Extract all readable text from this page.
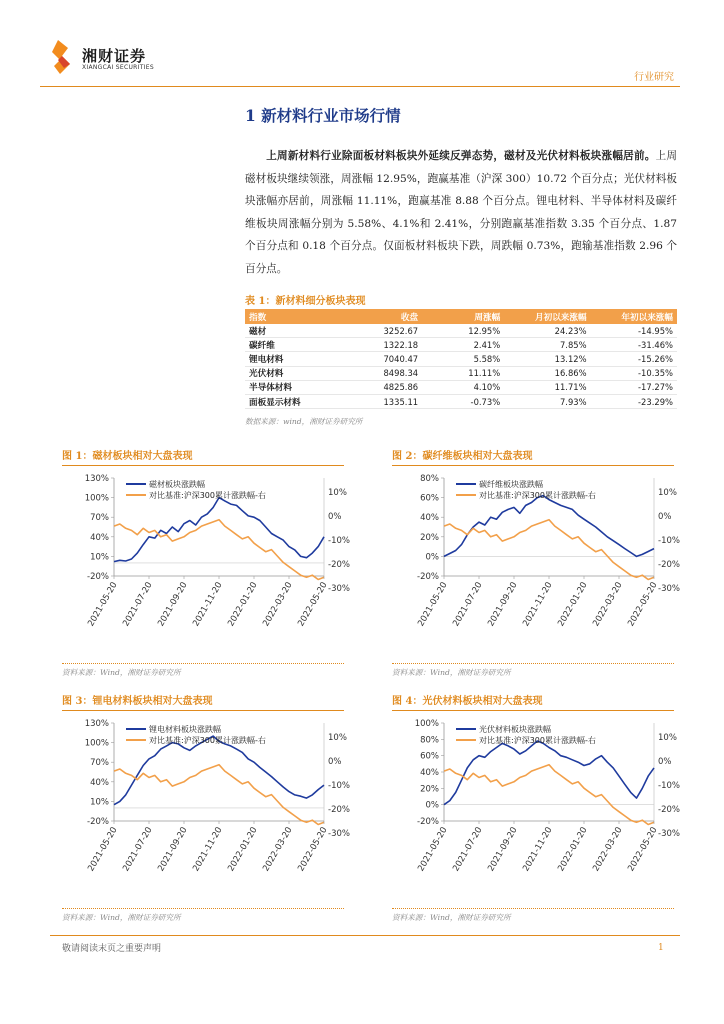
湘财证券
XIANGCAI SECURITIES
行业研究
1 新材料行业市场行情
上周新材料行业除面板材料板块外延续反弹态势，磁材及光伏材料板块涨幅居前。上周磁材板块继续领涨，周涨幅 12.95%，跑赢基准（沪深 300）10.72 个百分点；光伏材料板块涨幅亦居前，周涨幅 11.11%，跑赢基准 8.88 个百分点。锂电材料、半导体材料及碳纤维板块周涨幅分别为 5.58%、4.1%和 2.41%，分别跑赢基准指数 3.35 个百分点、1.87 个百分点和 0.18 个百分点。仅面板材料板块下跌，周跌幅 0.73%，跑输基准指数 2.96 个百分点。
表 1：新材料细分板块表现
指数	收盘	周涨幅	月初以来涨幅	年初以来涨幅
磁材	3252.67	12.95%	24.23%	-14.95%
碳纤维	1322.18	2.41%	7.85%	-31.46%
锂电材料	7040.47	5.58%	13.12%	-15.26%
光伏材料	8498.34	11.11%	16.86%	-10.35%
半导体材料	4825.86	4.10%	11.71%	-17.27%
面板显示材料	1335.11	-0.73%	7.93%	-23.29%
数据来源：wind，湘财证券研究所
图 1：磁材板块相对大盘表现
130%
100%
70%
40%
10%
-20%
10%
0%
-10%
-20%
-30%
磁材板块涨跌幅
对比基准:沪深300累计涨跌幅-右
2021-05-20 2021-07-20 2021-09-20 2021-11-20 2022-01-20 2022-03-20 2022-05-20
资料来源：Wind，湘财证券研究所
图 2：碳纤维板块相对大盘表现
80%
60%
40%
20%
0%
-20%
10%
0%
-10%
-20%
-30%
碳纤维板块涨跌幅
对比基准:沪深300累计涨跌幅-右
2021-05-20 2021-07-20 2021-09-20 2021-11-20 2022-01-20 2022-03-20 2022-05-20
资料来源：Wind，湘财证券研究所
图 3：锂电材料板块相对大盘表现
130%
100%
70%
40%
10%
-20%
10%
0%
-10%
-20%
-30%
锂电材料板块涨跌幅
对比基准:沪深300累计涨跌幅-右
2021-05-20 2021-07-20 2021-09-20 2021-11-20 2022-01-20 2022-03-20 2022-05-20
资料来源：Wind，湘财证券研究所
图 4：光伏材料板块相对大盘表现
100%
80%
60%
40%
20%
0%
-20%
10%
0%
-10%
-20%
-30%
光伏材料板块涨跌幅
对比基准:沪深300累计涨跌幅-右
2021-05-20 2021-07-20 2021-09-20 2021-11-20 2022-01-20 2022-03-20 2022-05-20
资料来源：Wind，湘财证券研究所
敬请阅读末页之重要声明	1
